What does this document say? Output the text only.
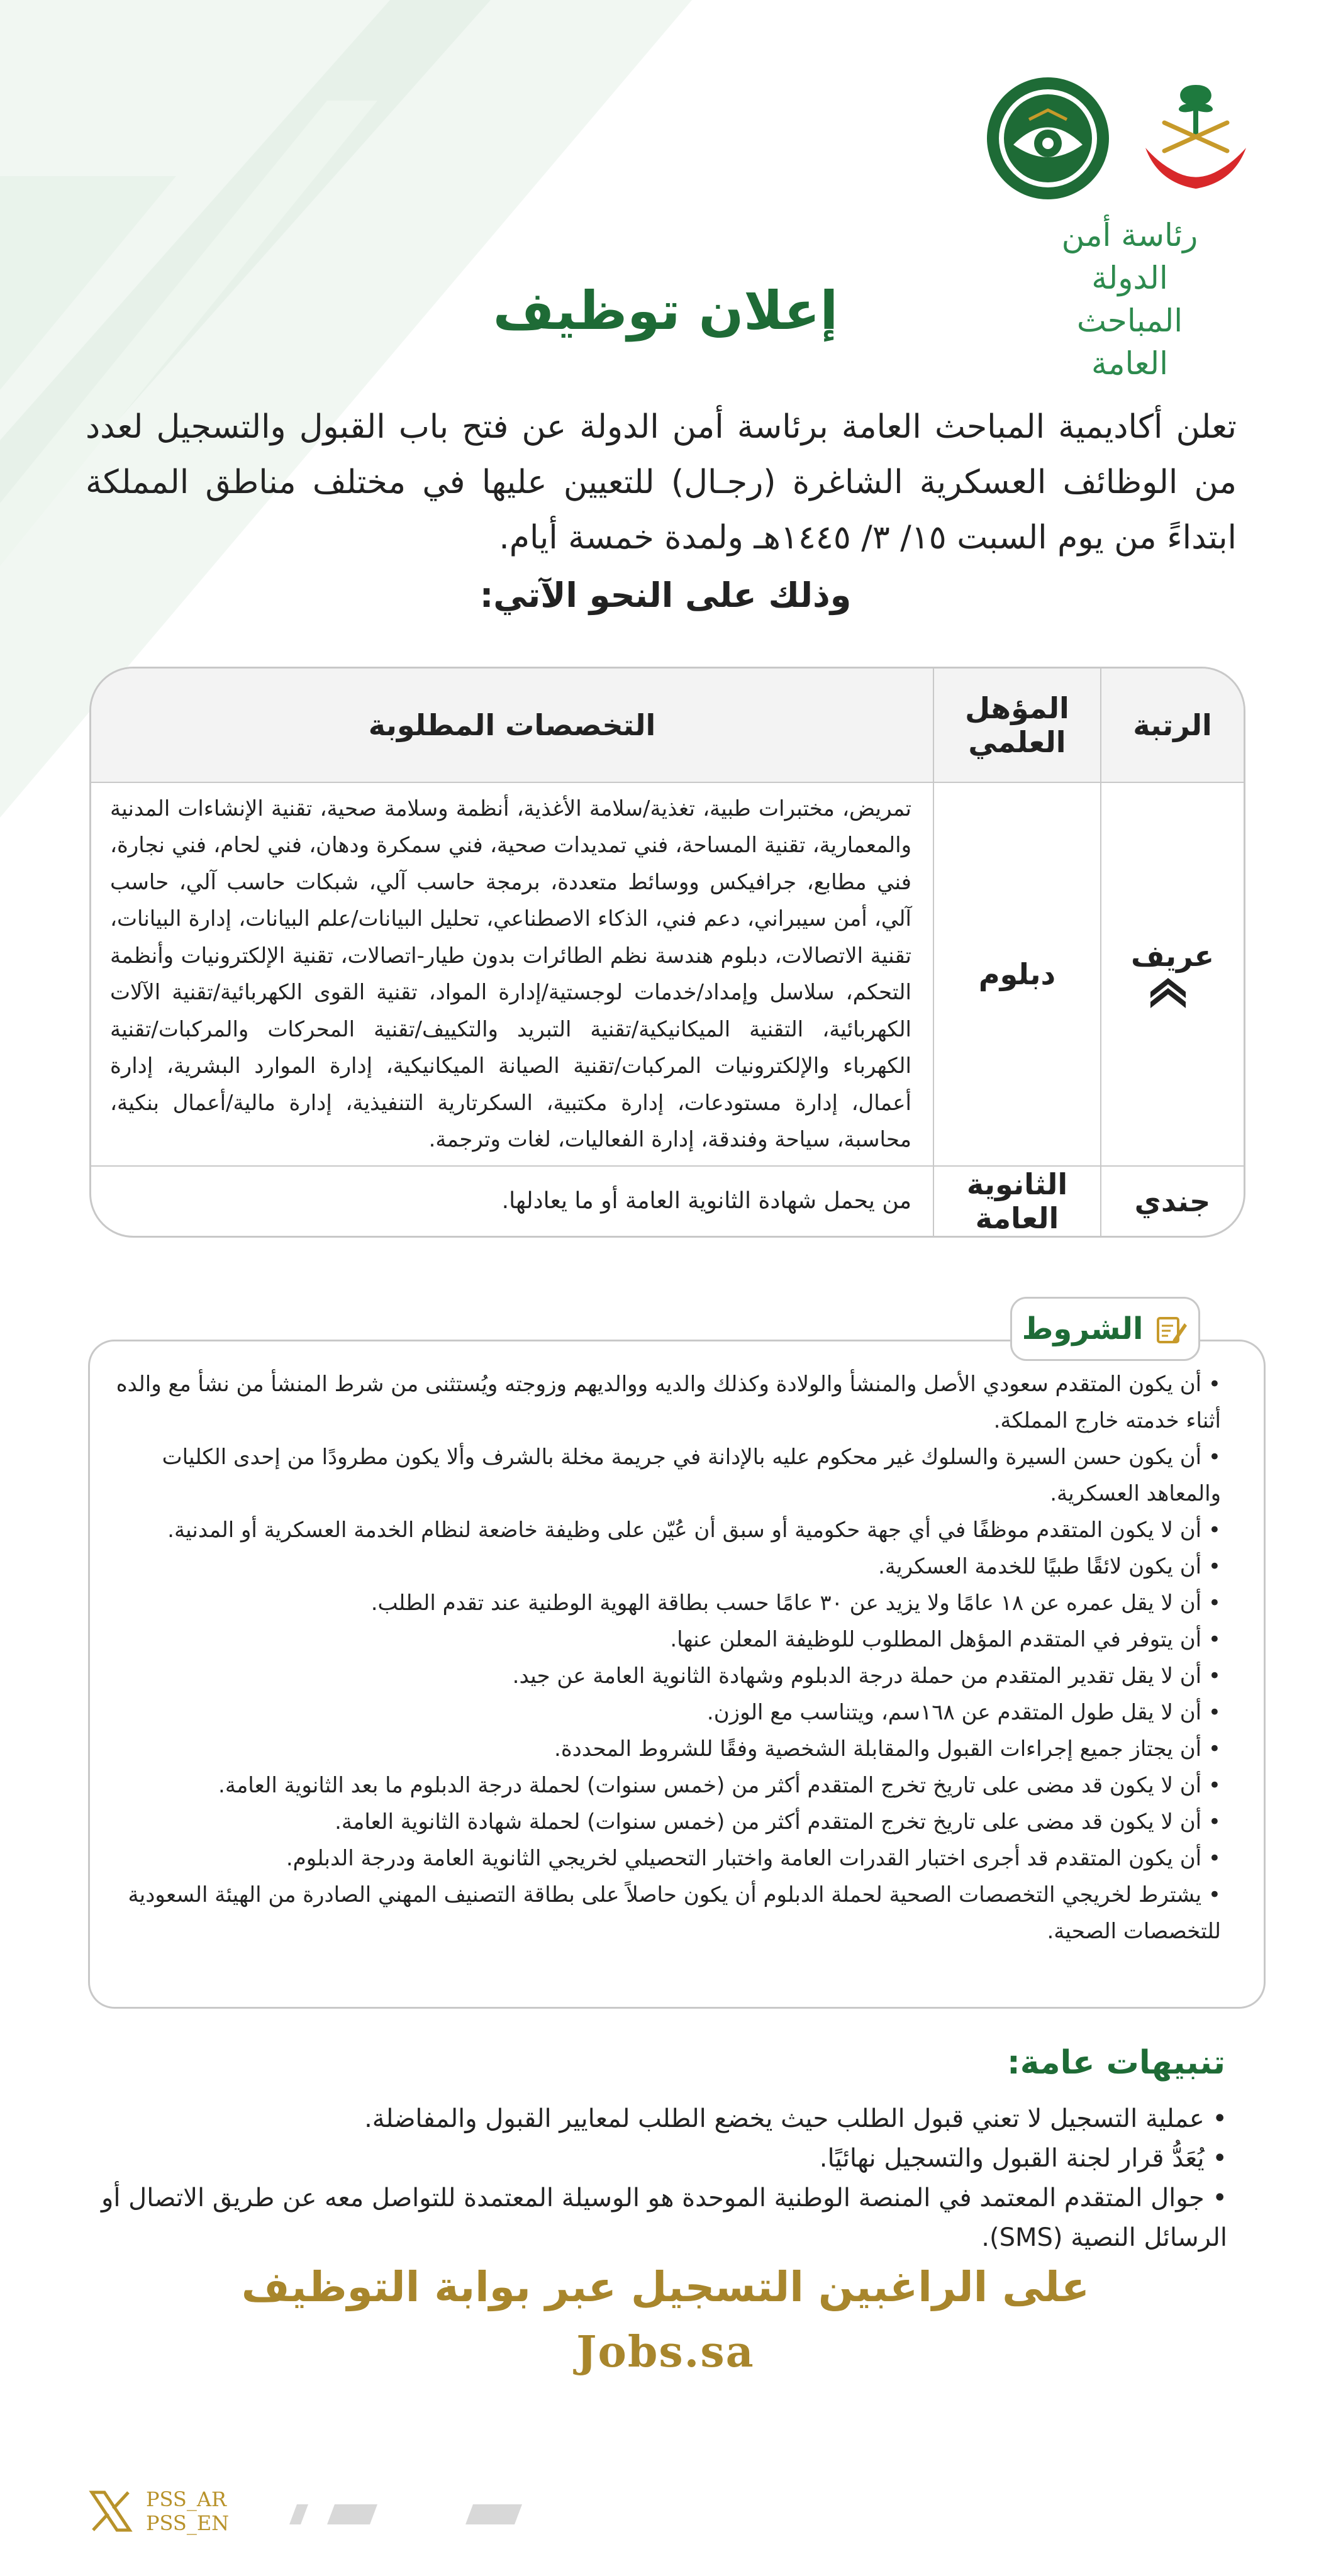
رئاسة أمن الدولة
المباحث العامة
إعلان توظيف
تعلن أكاديمية المباحث العامة برئاسة أمن الدولة عن فتح باب القبول والتسجيل لعدد من الوظائف العسكرية الشاغرة (رجـال) للتعيين عليها في مختلف مناطق المملكة ابتداءً من يوم السبت ١٥/ ٣/ ١٤٤٥هـ ولمدة خمسة أيام.
وذلك على النحو الآتي:
الرتبة	المؤهل العلمي	التخصصات المطلوبة
عريف	دبلوم	تمريض، مختبرات طبية، تغذية/سلامة الأغذية، أنظمة وسلامة صحية، تقنية الإنشاءات المدنية والمعمارية، تقنية المساحة، فني تمديدات صحية، فني سمكرة ودهان، فني لحام، فني نجارة، فني مطابع، جرافيكس ووسائط متعددة، برمجة حاسب آلي، شبكات حاسب آلي، حاسب آلي، أمن سيبراني، دعم فني، الذكاء الاصطناعي، تحليل البيانات/علم البيانات، إدارة البيانات، تقنية الاتصالات، دبلوم هندسة نظم الطائرات بدون طيار-اتصالات، تقنية الإلكترونيات وأنظمة التحكم، سلاسل وإمداد/خدمات لوجستية/إدارة المواد، تقنية القوى الكهربائية/تقنية الآلات الكهربائية، التقنية الميكانيكية/تقنية التبريد والتكييف/تقنية المحركات والمركبات/تقنية الكهرباء والإلكترونيات المركبات/تقنية الصيانة الميكانيكية، إدارة الموارد البشرية، إدارة أعمال، إدارة مستودعات، إدارة مكتبية، السكرتارية التنفيذية، إدارة مالية/أعمال بنكية، محاسبة، سياحة وفندقة، إدارة الفعاليات، لغات وترجمة.
جندي	الثانوية العامة	من يحمل شهادة الثانوية العامة أو ما يعادلها.
الشروط
• أن يكون المتقدم سعودي الأصل والمنشأ والولادة وكذلك والديه ووالديهم وزوجته ويُستثنى من شرط المنشأ من نشأ مع والده أثناء خدمته خارج المملكة.
• أن يكون حسن السيرة والسلوك غير محكوم عليه بالإدانة في جريمة مخلة بالشرف وألا يكون مطرودًا من إحدى الكليات والمعاهد العسكرية.
• أن لا يكون المتقدم موظفًا في أي جهة حكومية أو سبق أن عُيّن على وظيفة خاضعة لنظام الخدمة العسكرية أو المدنية.
• أن يكون لائقًا طبيًا للخدمة العسكرية.
• أن لا يقل عمره عن ١٨ عامًا ولا يزيد عن ٣٠ عامًا حسب بطاقة الهوية الوطنية عند تقدم الطلب.
• أن يتوفر في المتقدم المؤهل المطلوب للوظيفة المعلن عنها.
• أن لا يقل تقدير المتقدم من حملة درجة الدبلوم وشهادة الثانوية العامة عن جيد.
• أن لا يقل طول المتقدم عن ١٦٨سم، ويتناسب مع الوزن.
• أن يجتاز جميع إجراءات القبول والمقابلة الشخصية وفقًا للشروط المحددة.
• أن لا يكون قد مضى على تاريخ تخرج المتقدم أكثر من (خمس سنوات) لحملة درجة الدبلوم ما بعد الثانوية العامة.
• أن لا يكون قد مضى على تاريخ تخرج المتقدم أكثر من (خمس سنوات) لحملة شهادة الثانوية العامة.
• أن يكون المتقدم قد أجرى اختبار القدرات العامة واختبار التحصيلي لخريجي الثانوية العامة ودرجة الدبلوم.
• يشترط لخريجي التخصصات الصحية لحملة الدبلوم أن يكون حاصلاً على بطاقة التصنيف المهني الصادرة من الهيئة السعودية للتخصصات الصحية.
تنبيهات عامة:
• عملية التسجيل لا تعني قبول الطلب حيث يخضع الطلب لمعايير القبول والمفاضلة.
• يُعَدُّ قرار لجنة القبول والتسجيل نهائيًا.
• جوال المتقدم المعتمد في المنصة الوطنية الموحدة هو الوسيلة المعتمدة للتواصل معه عن طريق الاتصال أو الرسائل النصية (SMS).
على الراغبين التسجيل عبر بوابة التوظيف
Jobs.sa
PSS_AR
PSS_EN
